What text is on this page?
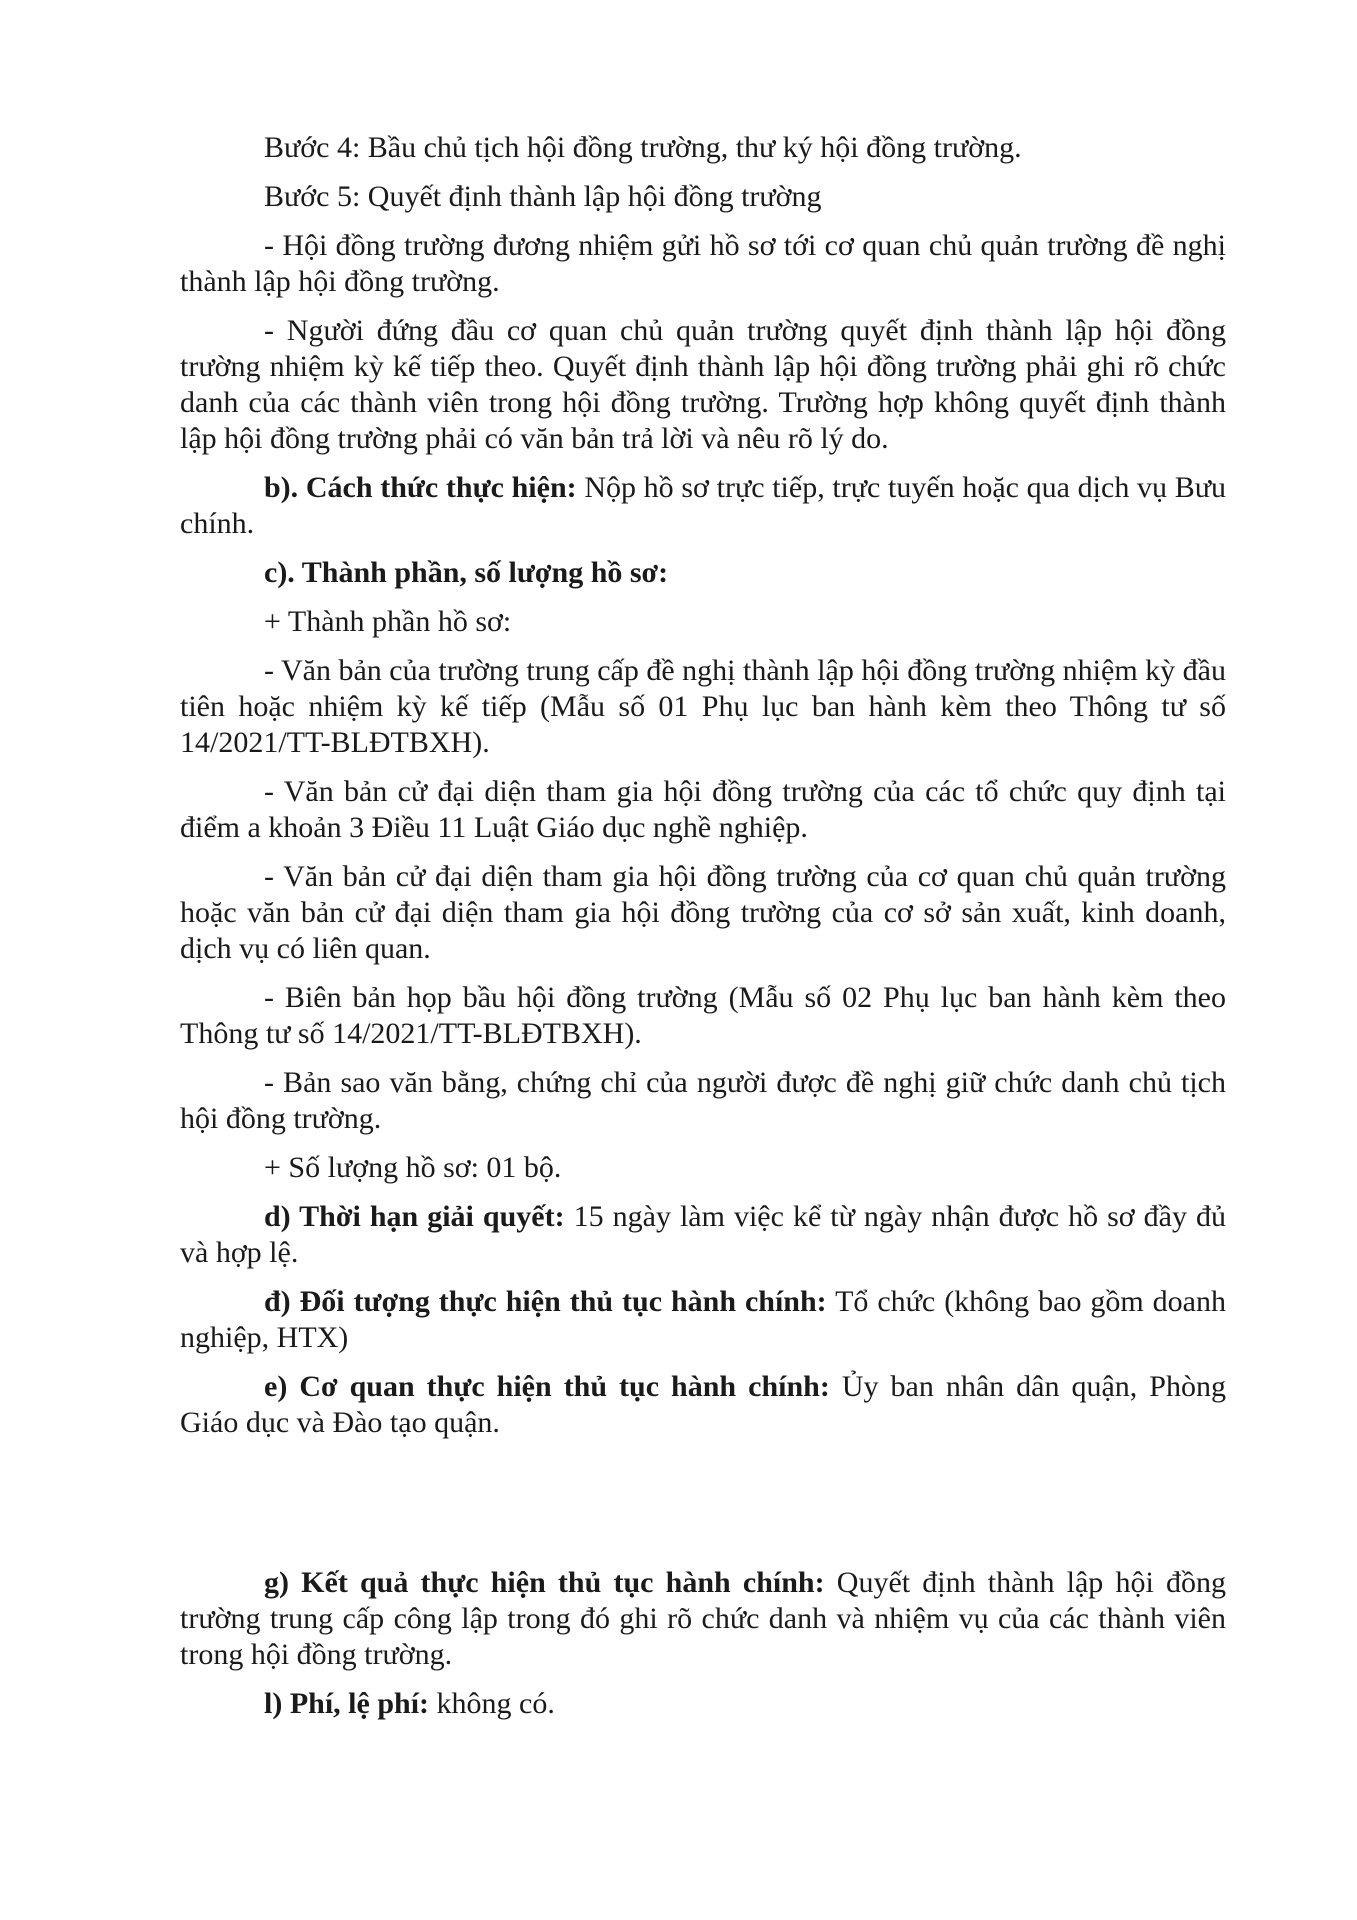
Bước 4: Bầu chủ tịch hội đồng trường, thư ký hội đồng trường.

Bước 5: Quyết định thành lập hội đồng trường

- Hội đồng trường đương nhiệm gửi hồ sơ tới cơ quan chủ quản trường đề nghị thành lập hội đồng trường.

- Người đứng đầu cơ quan chủ quản trường quyết định thành lập hội đồng trường nhiệm kỳ kế tiếp theo. Quyết định thành lập hội đồng trường phải ghi rõ chức danh của các thành viên trong hội đồng trường. Trường hợp không quyết định thành lập hội đồng trường phải có văn bản trả lời và nêu rõ lý do.

b). Cách thức thực hiện: Nộp hồ sơ trực tiếp, trực tuyến hoặc qua dịch vụ Bưu chính.

c). Thành phần, số lượng hồ sơ:

+ Thành phần hồ sơ:

- Văn bản của trường trung cấp đề nghị thành lập hội đồng trường nhiệm kỳ đầu tiên hoặc nhiệm kỳ kế tiếp (Mẫu số 01 Phụ lục ban hành kèm theo Thông tư số 14/2021/TT-BLĐTBXH).

- Văn bản cử đại diện tham gia hội đồng trường của các tổ chức quy định tại điểm a khoản 3 Điều 11 Luật Giáo dục nghề nghiệp.

- Văn bản cử đại diện tham gia hội đồng trường của cơ quan chủ quản trường hoặc văn bản cử đại diện tham gia hội đồng trường của cơ sở sản xuất, kinh doanh, dịch vụ có liên quan.

- Biên bản họp bầu hội đồng trường (Mẫu số 02 Phụ lục ban hành kèm theo Thông tư số 14/2021/TT-BLĐTBXH).

- Bản sao văn bằng, chứng chỉ của người được đề nghị giữ chức danh chủ tịch hội đồng trường.

+ Số lượng hồ sơ: 01 bộ.

d) Thời hạn giải quyết: 15 ngày làm việc kể từ ngày nhận được hồ sơ đầy đủ và hợp lệ.

đ) Đối tượng thực hiện thủ tục hành chính: Tổ chức (không bao gồm doanh nghiệp, HTX)

e) Cơ quan thực hiện thủ tục hành chính: Ủy ban nhân dân quận, Phòng Giáo dục và Đào tạo quận.

g) Kết quả thực hiện thủ tục hành chính: Quyết định thành lập hội đồng trường trung cấp công lập trong đó ghi rõ chức danh và nhiệm vụ của các thành viên trong hội đồng trường.

l) Phí, lệ phí: không có.
